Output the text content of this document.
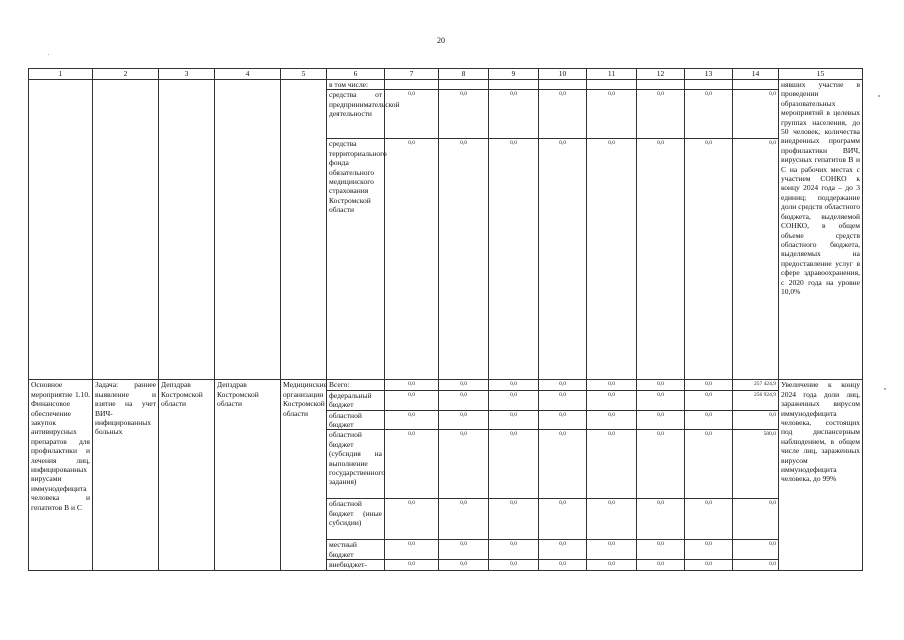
20
1	2	3	4	5	6	7	8	9	10	11	12	13	14	15
					в том числе:									нявших участие в проведении образовательных мероприятий в целевых группах населения, до 50 человек, количества внедренных программ профилактики ВИЧ, вирусных гепатитов В и С на рабочих местах с участием СОНКО к концу 2024 года – до 3 единиц; поддержание доли средств областного бюджета, выделяемой СОНКО, в общем объеме средств областного бюджета, выделяемых на предоставление услуг в сфере здравоохранения, с 2020 года на уровне 10,0%
					средства от предпринимательской деятельности	0,0	0,0	0,0	0,0	0,0	0,0	0,0	0,0	
					средства территориального фонда обязательного медицинского страхования Костромской области	0,0	0,0	0,0	0,0	0,0	0,0	0,0	0,0	
Основное мероприятие 1.10. Финансовое обеспечение закупок антивирусных препаратов для профилактики и лечения лиц, инфицированных вирусами иммунодефицита человека и гепатитов В и С	Задача: раннее выявление и взятие на учет ВИЧ-инфицированных больных	Депздрав Костромской области	Депздрав Костромской области	Медицинские организации Костромской области	Всего:	0,0	0,0	0,0	0,0	0,0	0,0	0,0	257 424,9	Увеличение к концу 2024 года доли лиц, зараженных вирусом иммунодефицита человека, состоящих под диспансерным наблюдением, в общем числе лиц, зараженных вирусом иммунодефицита человека, до 99%
					федеральный бюджет	0,0	0,0	0,0	0,0	0,0	0,0	0,0	256 924,9	
					областной бюджет	0,0	0,0	0,0	0,0	0,0	0,0	0,0	0,0	
					областной бюджет (субсидия на выполнение государственного задания)	0,0	0,0	0,0	0,0	0,0	0,0	0,0	500,0	
					областной бюджет (иные субсидии)	0,0	0,0	0,0	0,0	0,0	0,0	0,0	0,0	
					местный бюджет	0,0	0,0	0,0	0,0	0,0	0,0	0,0	0,0	
					внебюджет-	0,0	0,0	0,0	0,0	0,0	0,0	0,0	0,0	
